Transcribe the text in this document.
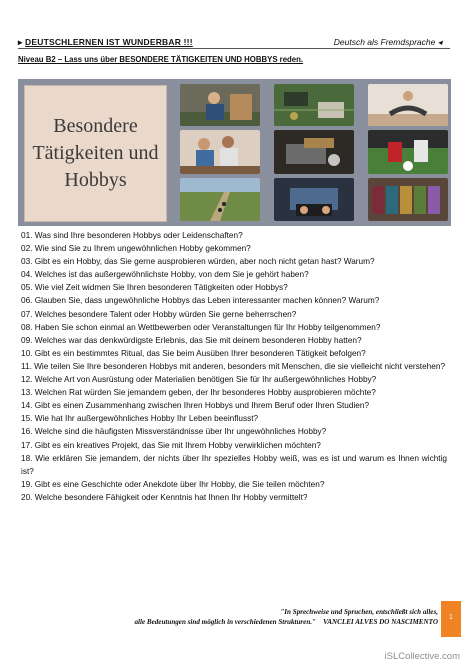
▸ DEUTSCHLERNEN IST WUNDERBAR !!!	Deutsch als Fremdsprache ◂
Niveau B2 – Lass uns über BESONDERE TÄTIGKEITEN UND HOBBYS reden.
Besondere
Tätigkeiten und
Hobbys

01. Was sind Ihre besonderen Hobbys oder Leidenschaften?

02. Wie sind Sie zu Ihrem ungewöhnlichen Hobby gekommen?

03. Gibt es ein Hobby, das Sie gerne ausprobieren würden, aber noch nicht getan hast? Warum?

04. Welches ist das außergewöhnlichste Hobby, von dem Sie je gehört haben?

05. Wie viel Zeit widmen Sie Ihren besonderen Tätigkeiten oder Hobbys?

06. Glauben Sie, dass ungewöhnliche Hobbys das Leben interessanter machen können? Warum?

07. Welches besondere Talent oder Hobby würden Sie gerne beherrschen?

08. Haben Sie schon einmal an Wettbewerben oder Veranstaltungen für Ihr Hobby teilgenommen?

09. Welches war das denkwürdigste Erlebnis, das Sie mit deinem besonderen Hobby hatten?

10. Gibt es ein bestimmtes Ritual, das Sie beim Ausüben Ihrer besonderen Tätigkeit befolgen?

11. Wie teilen Sie Ihre besonderen Hobbys mit anderen, besonders mit Menschen, die sie vielleicht nicht verstehen?

12. Welche Art von Ausrüstung oder Materialien benötigen Sie für Ihr außergewöhnliches Hobby?

13. Welchen Rat würden Sie jemandem geben, der Ihr besonderes Hobby ausprobieren möchte?

14. Gibt es einen Zusammenhang zwischen Ihren Hobbys und Ihrem Beruf oder Ihren Studien?

15. Wie hat Ihr außergewöhnliches Hobby Ihr Leben beeinflusst?

16. Welche sind die häufigsten Missverständnisse über Ihr ungewöhnliches Hobby?

17. Gibt es ein kreatives Projekt, das Sie mit Ihrem Hobby verwirklichen möchten?

18. Wie erklären Sie jemandem, der nichts über Ihr spezielles Hobby weiß, was es ist und warum es Ihnen wichtig ist?

19. Gibt es eine Geschichte oder Anekdote über Ihr Hobby, die Sie teilen möchten?

20. Welche besondere Fähigkeit oder Kenntnis hat Ihnen Ihr Hobby vermittelt?

"In Sprechweise und Spruchen, entschließt sich alles,
alle Bedeutungen sind möglich in verschiedenen Strukturen." VANCLEI ALVES DO NASCIMENTO
1
iSLCollective.com
